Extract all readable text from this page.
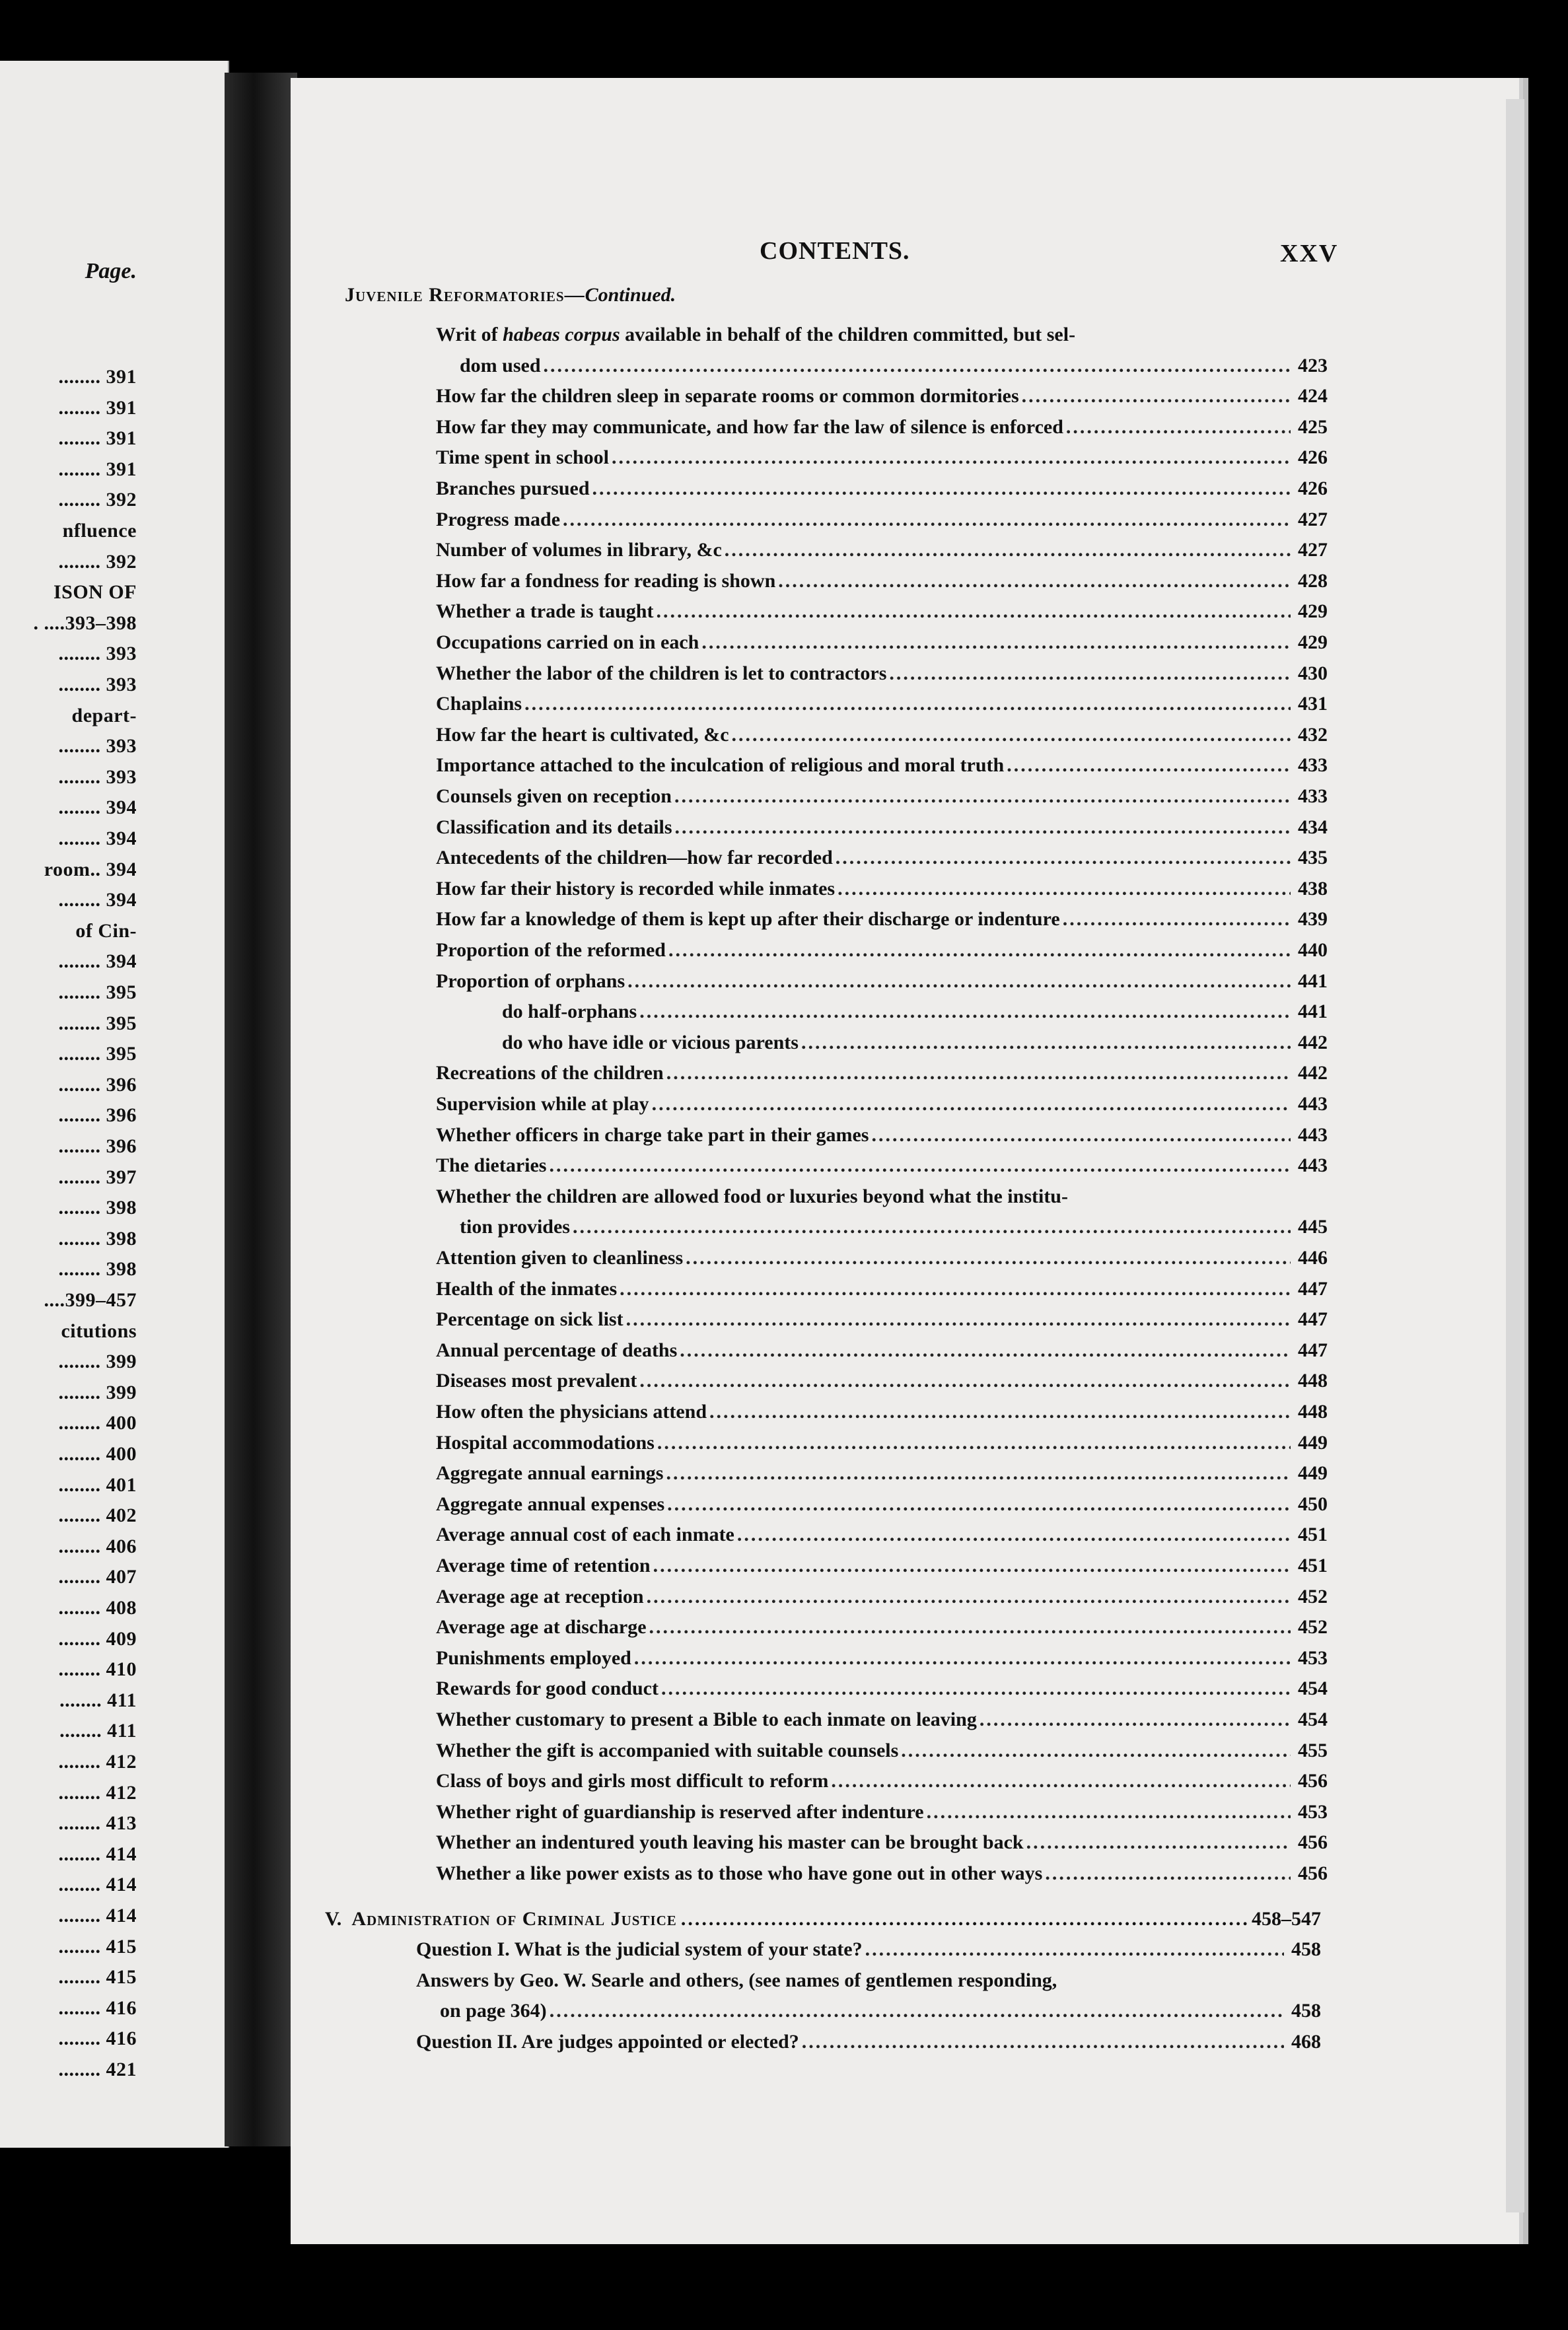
Page.
........ 391
........ 391
........ 391
........ 391
........ 392
nfluence
........ 392
ISON OF
. ....393–398
........ 393
........ 393
depart-
........ 393
........ 393
........ 394
........ 394
room.. 394
........ 394
of Cin-
........ 394
........ 395
........ 395
........ 395
........ 396
........ 396
........ 396
........ 397
........ 398
........ 398
........ 398
....399–457
citutions
........ 399
........ 399
........ 400
........ 400
........ 401
........ 402
........ 406
........ 407
........ 408
........ 409
........ 410
........ 411
........ 411
........ 412
........ 412
........ 413
........ 414
........ 414
........ 414
........ 415
........ 415
........ 416
........ 416
........ 421
CONTENTS.	XXV
Juvenile Reformatories—Continued.
Writ of habeas corpus available in behalf of the children committed, but sel-
dom used .....	423
How far the children sleep in separate rooms or common dormitories .....	424
How far they may communicate, and how far the law of silence is enforced .....	425
Time spent in school .....	426
Branches pursued .....	426
Progress made .....	427
Number of volumes in library, &c .....	427
How far a fondness for reading is shown .....	428
Whether a trade is taught .....	429
Occupations carried on in each .....	429
Whether the labor of the children is let to contractors .....	430
Chaplains .....	431
How far the heart is cultivated, &c .....	432
Importance attached to the inculcation of religious and moral truth .....	433
Counsels given on reception .....	433
Classification and its details .....	434
Antecedents of the children—how far recorded .....	435
How far their history is recorded while inmates .....	438
How far a knowledge of them is kept up after their discharge or indenture .....	439
Proportion of the reformed .....	440
Proportion of orphans .....	441
do half-orphans .....	441
do who have idle or vicious parents .....	442
Recreations of the children .....	442
Supervision while at play .....	443
Whether officers in charge take part in their games .....	443
The dietaries .....	443
Whether the children are allowed food or luxuries beyond what the institu-
tion provides .....	445
Attention given to cleanliness .....	446
Health of the inmates .....	447
Percentage on sick list .....	447
Annual percentage of deaths .....	447
Diseases most prevalent .....	448
How often the physicians attend .....	448
Hospital accommodations .....	449
Aggregate annual earnings .....	449
Aggregate annual expenses .....	450
Average annual cost of each inmate .....	451
Average time of retention .....	451
Average age at reception .....	452
Average age at discharge .....	452
Punishments employed .....	453
Rewards for good conduct .....	454
Whether customary to present a Bible to each inmate on leaving .....	454
Whether the gift is accompanied with suitable counsels .....	455
Class of boys and girls most difficult to reform .....	456
Whether right of guardianship is reserved after indenture .....	453
Whether an indentured youth leaving his master can be brought back .....	456
Whether a like power exists as to those who have gone out in other ways .....	456
V.
Administration of Criminal Justice .....	458–547
Question I. What is the judicial system of your state? .....	458
Answers by Geo. W. Searle and others, (see names of gentlemen responding,
on page 364) .....	458
Question II. Are judges appointed or elected? .....	468
